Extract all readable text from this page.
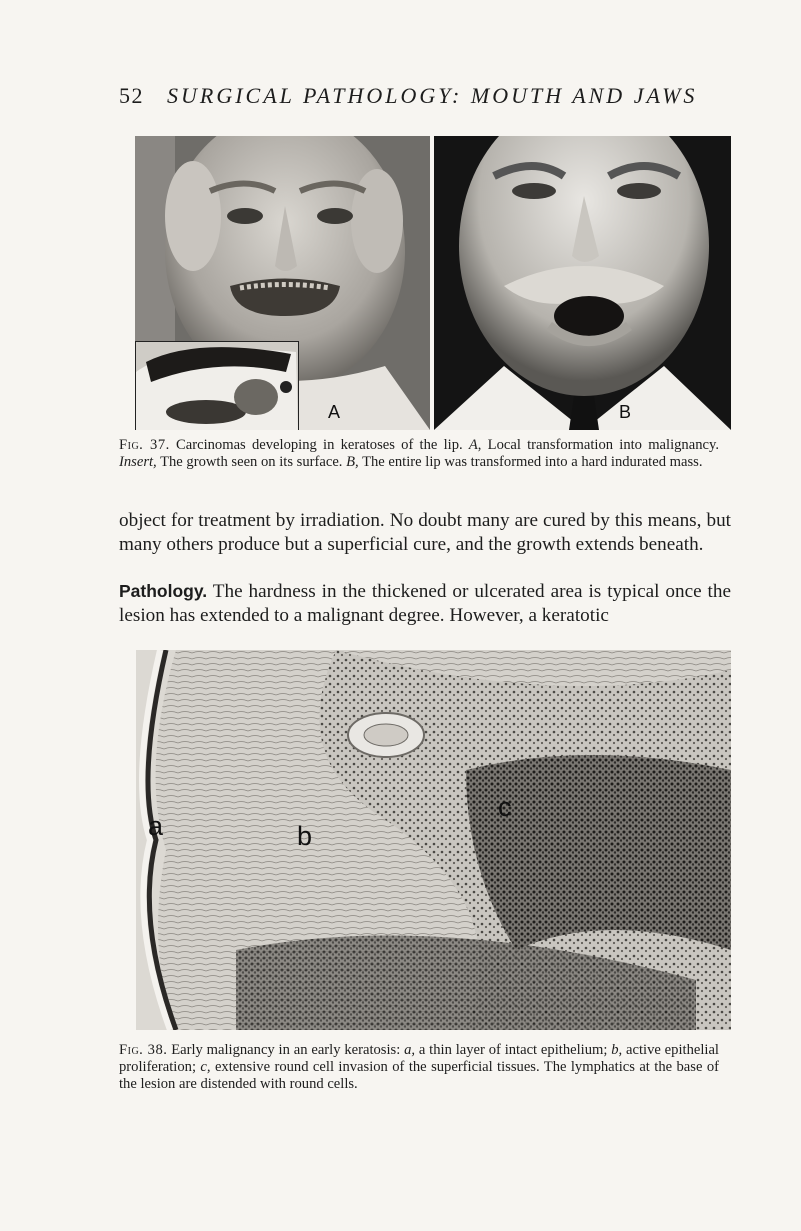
52 SURGICAL PATHOLOGY: MOUTH AND JAWS
A	B
Fig. 37. Carcinomas developing in keratoses of the lip. A, Local transformation into malignancy. Insert, The growth seen on its surface. B, The entire lip was transformed into a hard indurated mass.
object for treatment by irradiation. No doubt many are cured by this means, but many others produce but a superficial cure, and the growth extends beneath.
Pathology. The hardness in the thickened or ulcerated area is typical once the lesion has extended to a malignant degree. However, a keratotic
a	b
c
Fig. 38. Early malignancy in an early keratosis: a, a thin layer of intact epithelium; b, active epithelial proliferation; c, extensive round cell invasion of the superficial tissues. The lymphatics at the base of the lesion are distended with round cells.
